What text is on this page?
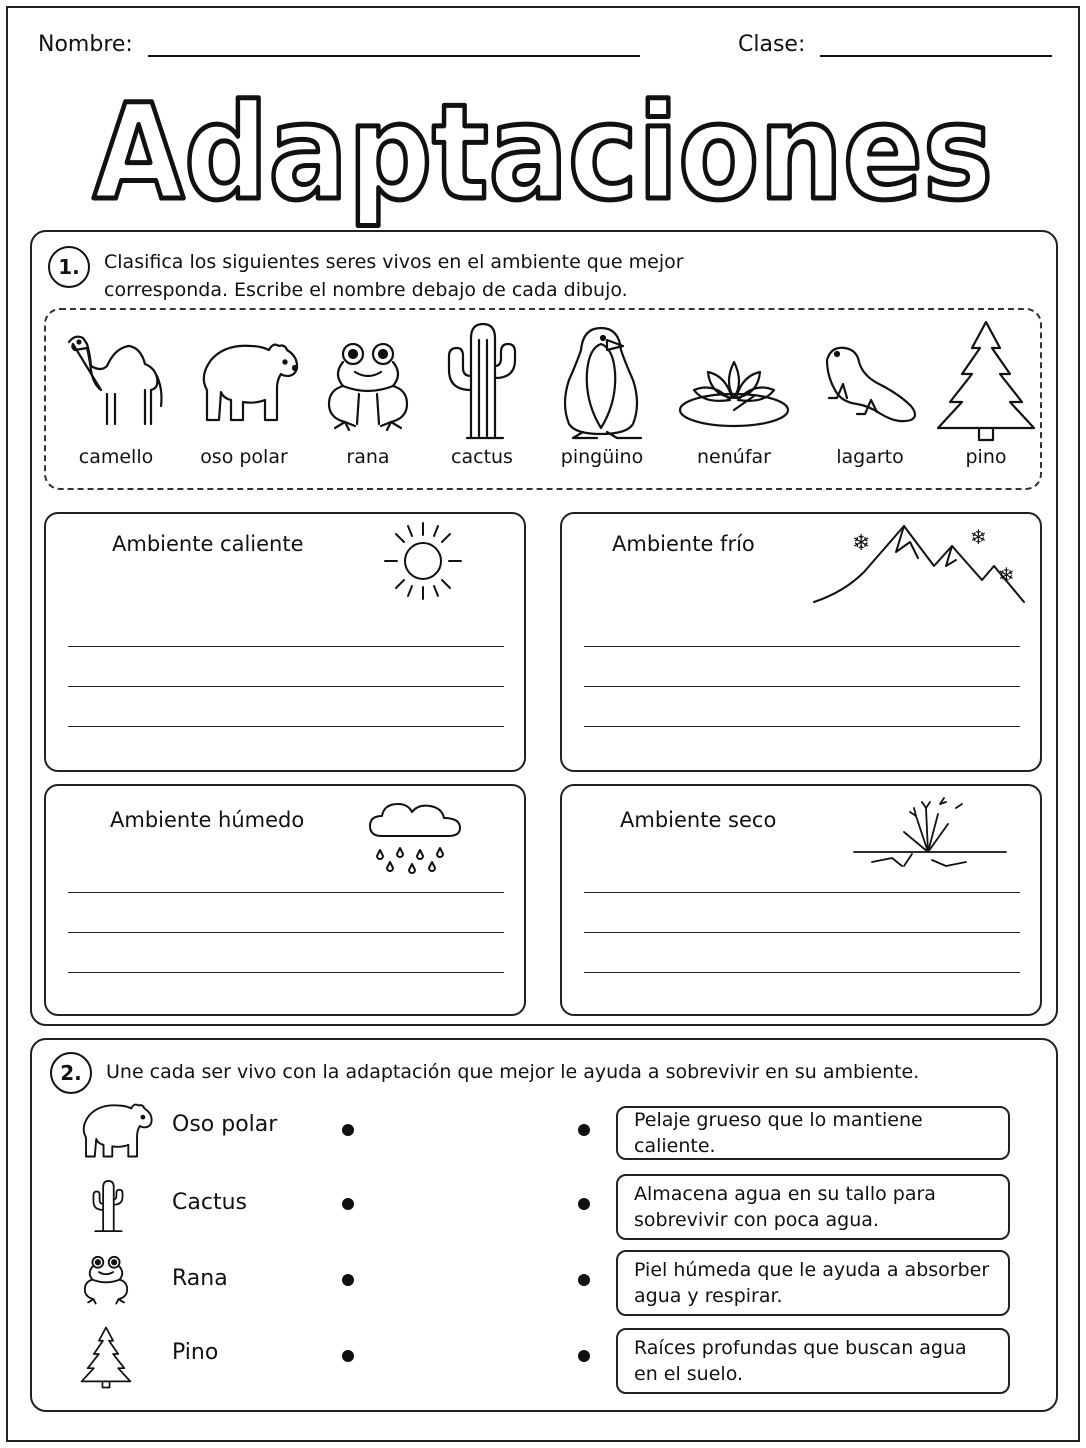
Nombre:	Clase:
Adaptaciones
1.	Clasifica los siguientes seres vivos en el ambiente que mejor
corresponda. Escribe el nombre debajo de cada dibujo.
camello	oso polar	rana	cactus	pingüino	nenúfar	lagarto	pino
Ambiente caliente	Ambiente frío	❄	❄
❄
Ambiente húmedo	Ambiente seco
2.	Une cada ser vivo con la adaptación que mejor le ayuda a sobrevivir en su ambiente.
Oso polar	Pelaje grueso que lo mantiene caliente.
Cactus	Almacena agua en su tallo para
sobrevivir con poca agua.
Rana	Piel húmeda que le ayuda a absorber
agua y respirar.
Pino	Raíces profundas que buscan agua
en el suelo.
